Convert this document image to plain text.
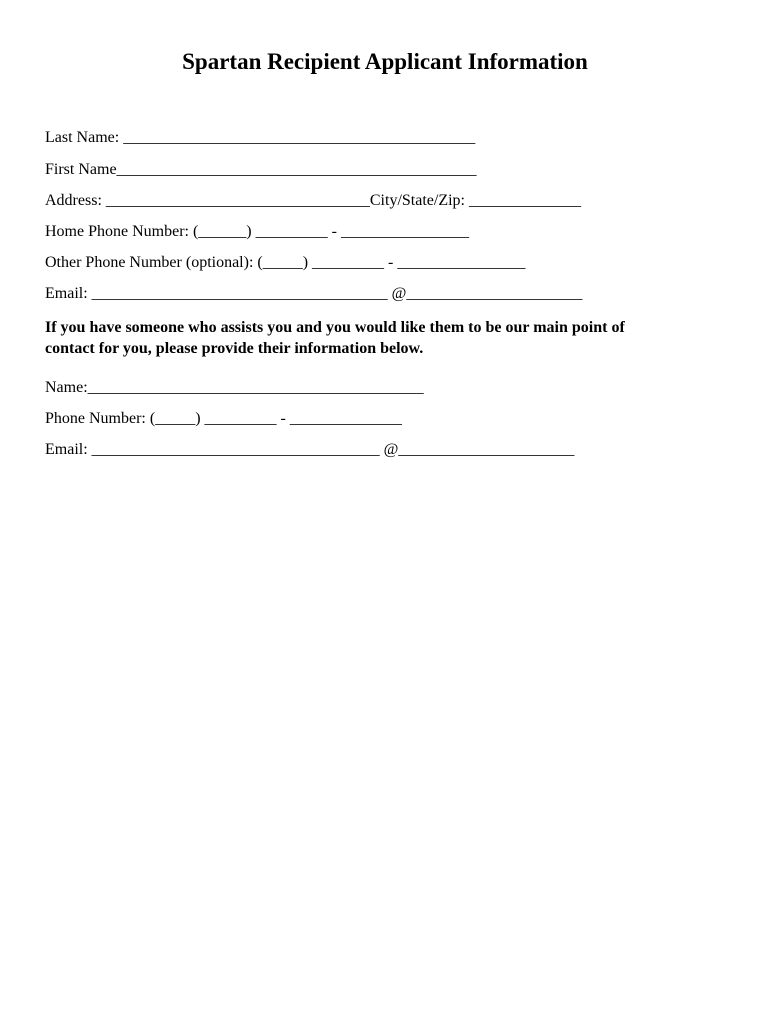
Spartan Recipient Applicant Information
Last Name: ____________________________________________
First Name_____________________________________________
Address: _________________________________City/State/Zip: ______________
Home Phone Number: (______) _________ - ________________
Other Phone Number (optional): (_____) _________ - ________________
Email: _____________________________________ @______________________
If you have someone who assists you and you would like them to be our main point of
contact for you, please provide their information below.
Name:__________________________________________
Phone Number: (_____) _________ - ______________
Email: ____________________________________ @______________________
